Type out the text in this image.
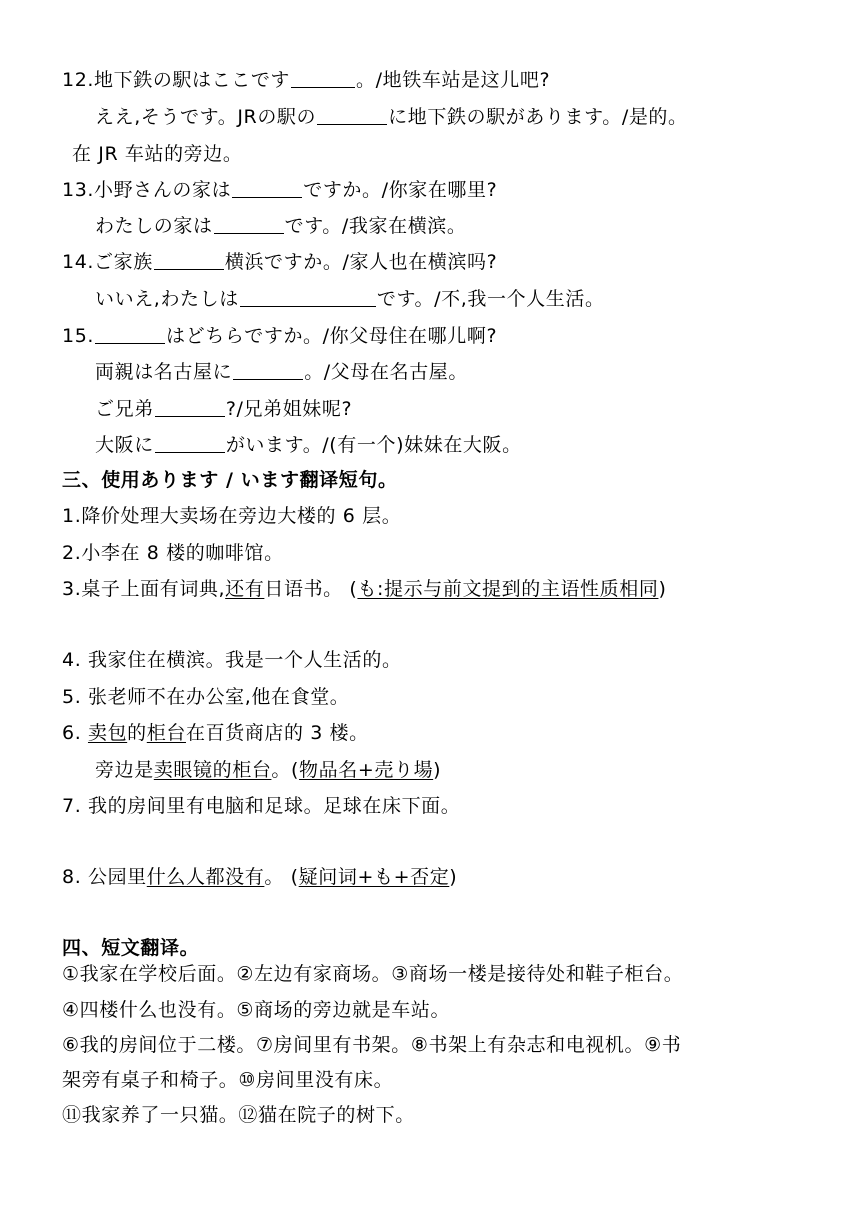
12.地下鉄の駅はここです	。/地铁车站是这儿吧?
ええ,そうです。JRの駅の	に地下鉄の駅があります。/是的。
在 JR 车站的旁边。
13.小野さんの家は	ですか。/你家在哪里?
わたしの家は	です。/我家在横滨。
14.ご家族	横浜ですか。/家人也在横滨吗?
いいえ,わたしは	です。/不,我一个人生活。
15.	はどちらですか。/你父母住在哪儿啊?
両親は名古屋に	。/父母在名古屋。
ご兄弟	?/兄弟姐妹呢?
大阪に	がいます。/(有一个)妹妹在大阪。
三、使用あります / います翻译短句。
1.降价处理大卖场在旁边大楼的 6 层。
2.小李在 8 楼的咖啡馆。
3.桌子上面有词典,还有日语书。 (も:提示与前文提到的主语性质相同)
4. 我家住在横滨。我是一个人生活的。
5. 张老师不在办公室,他在食堂。
6. 卖包的柜台在百货商店的 3 楼。
旁边是卖眼镜的柜台。(物品名+売り場)
7. 我的房间里有电脑和足球。足球在床下面。
8. 公园里什么人都没有。 (疑问词+も+否定)
四、短文翻译。
①我家在学校后面。②左边有家商场。③商场一楼是接待处和鞋子柜台。
④四楼什么也没有。⑤商场的旁边就是车站。
⑥我的房间位于二楼。⑦房间里有书架。⑧书架上有杂志和电视机。⑨书
架旁有桌子和椅子。⑩房间里没有床。
⑪我家养了一只猫。⑫猫在院子的树下。
